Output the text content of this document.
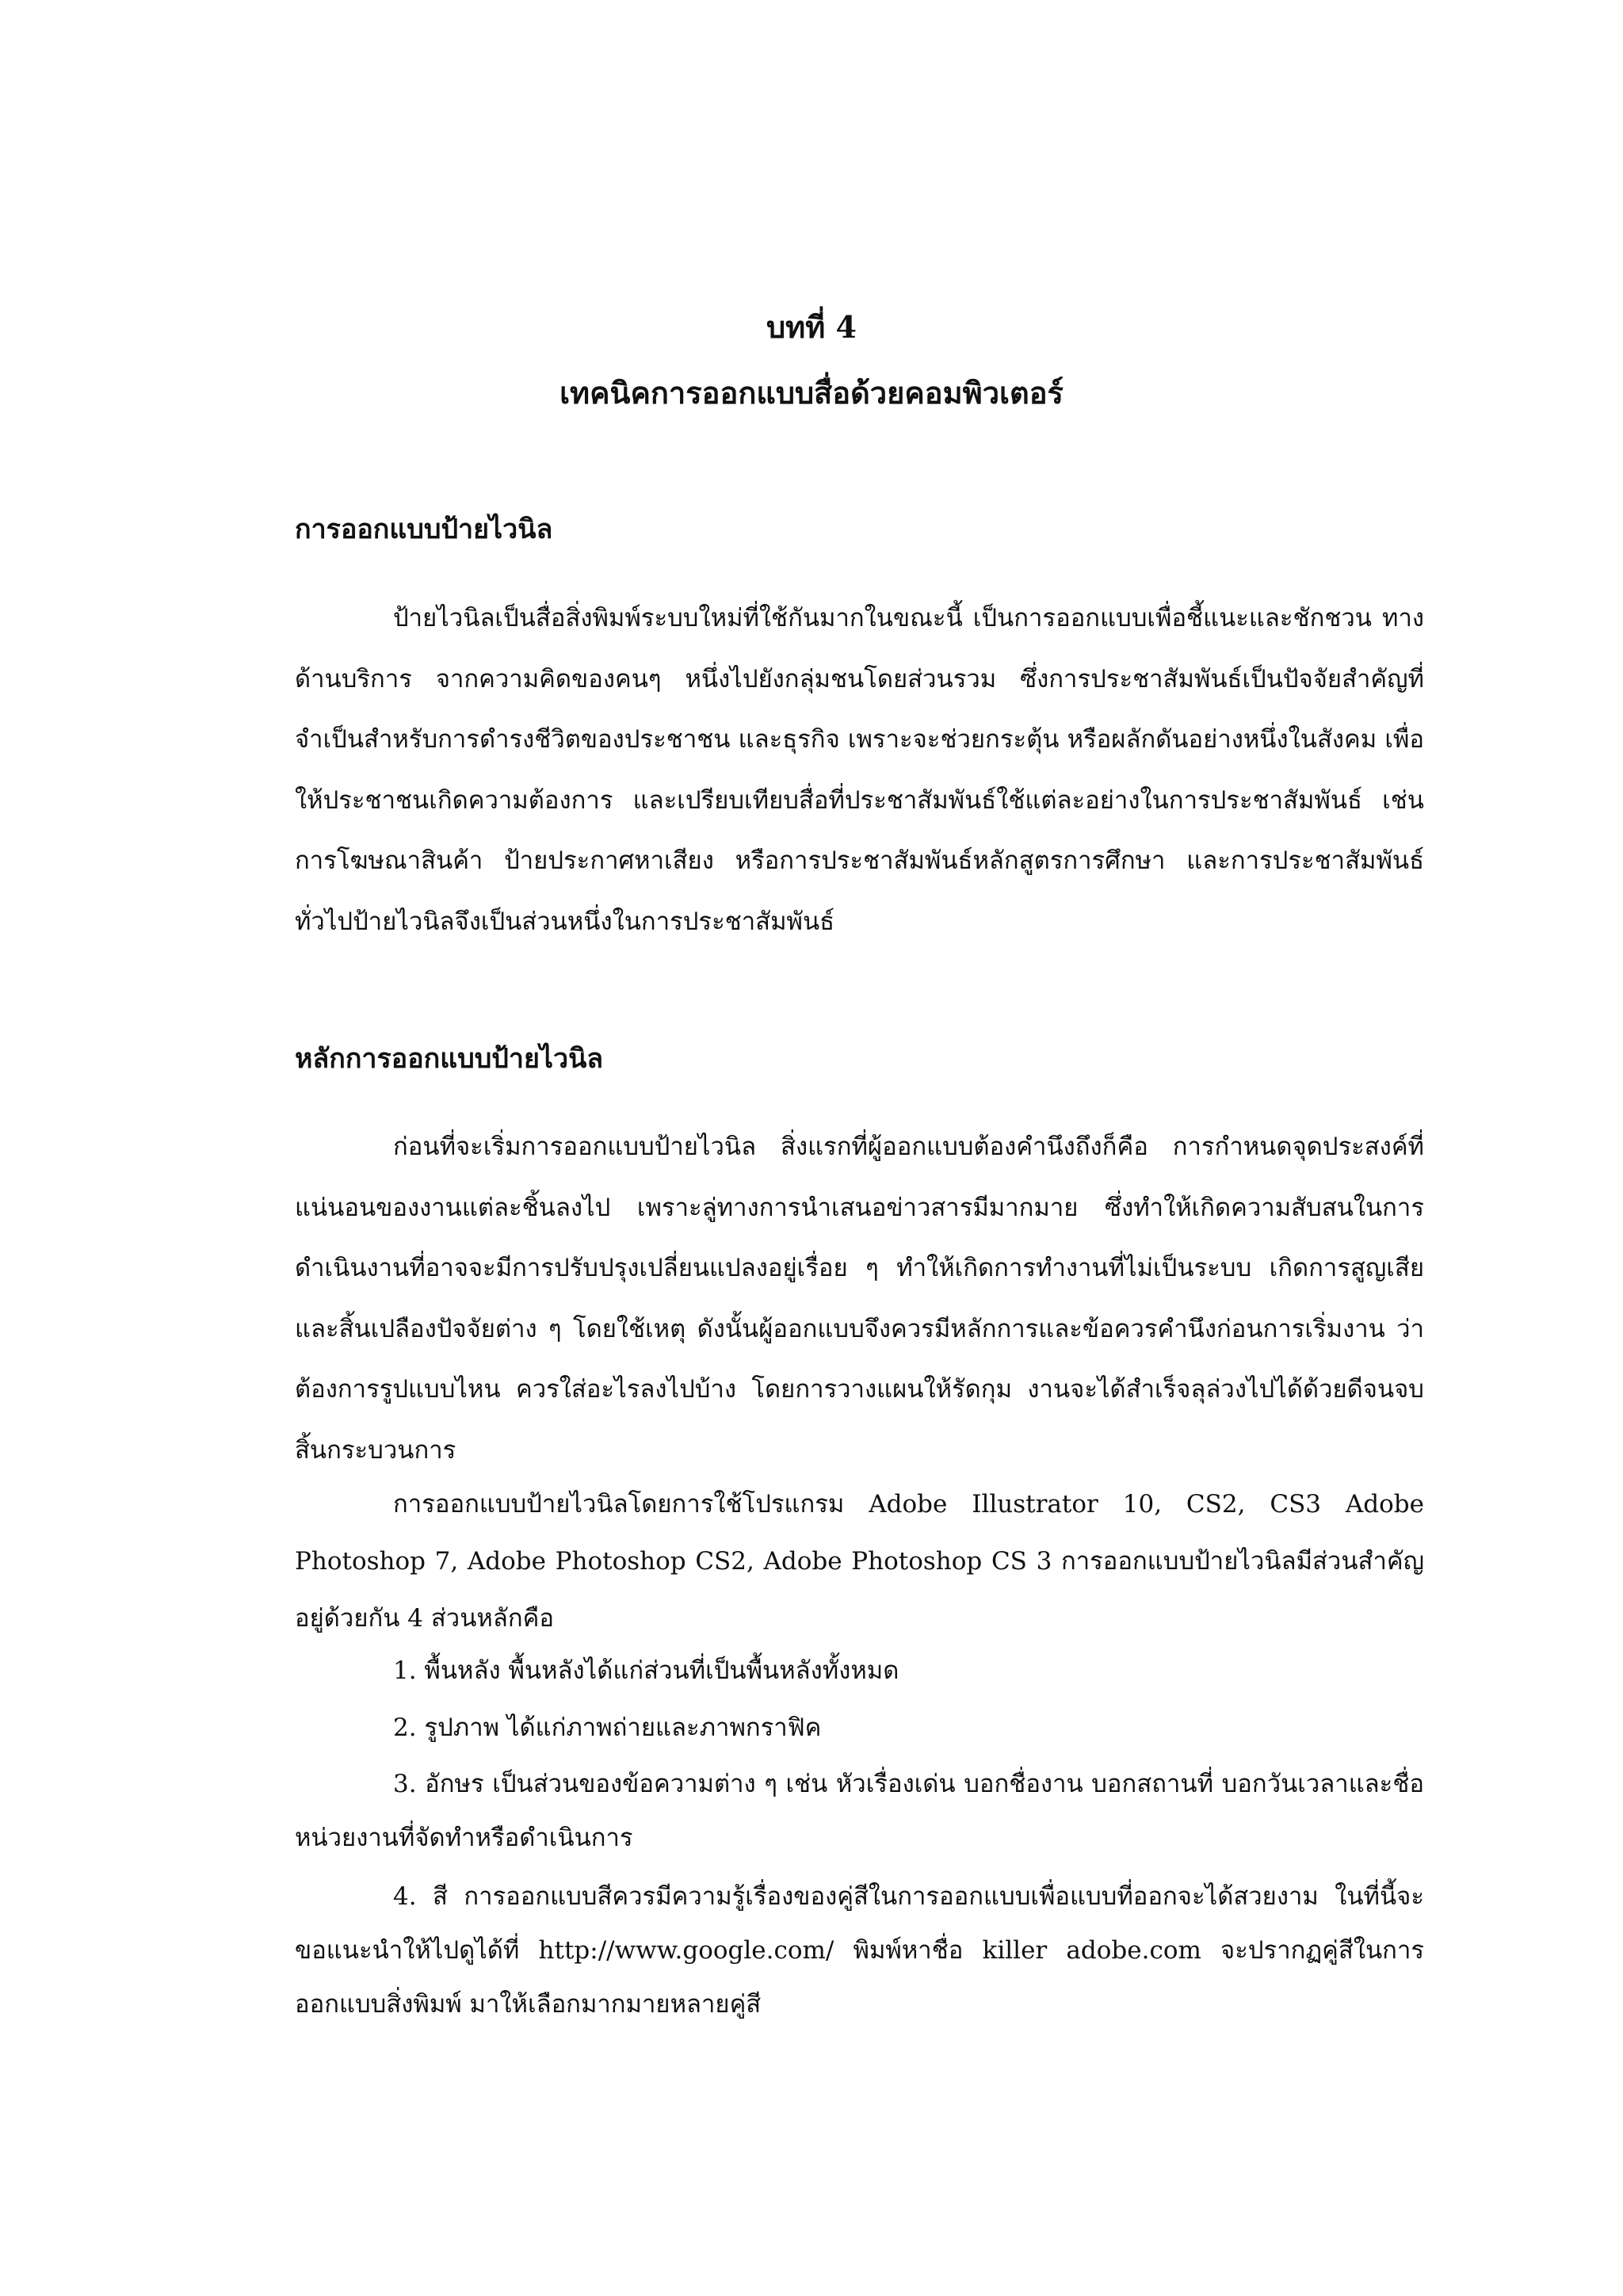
บทที่ 4
เทคนิคการออกแบบสื่อด้วยคอมพิวเตอร์
การออกแบบป้ายไวนิล

ป้ายไวนิลเป็นสื่อสิ่งพิมพ์ระบบใหม่ที่ใช้กันมากในขณะนี้ เป็นการออกแบบเพื่อชี้แนะและชักชวน ทางด้านบริการ จากความคิดของคนๆ หนึ่งไปยังกลุ่มชนโดยส่วนรวม ซึ่งการประชาสัมพันธ์เป็นปัจจัยสำคัญที่จำเป็นสำหรับการดำรงชีวิตของประชาชน และธุรกิจ เพราะจะช่วยกระตุ้น หรือผลักดันอย่างหนึ่งในสังคม เพื่อให้ประชาชนเกิดความต้องการ และเปรียบเทียบสื่อที่ประชาสัมพันธ์ใช้แต่ละอย่างในการประชาสัมพันธ์ เช่น การโฆษณาสินค้า ป้ายประกาศหาเสียง หรือการประชาสัมพันธ์หลักสูตรการศึกษา และการประชาสัมพันธ์ทั่วไปป้ายไวนิลจึงเป็นส่วนหนึ่งในการประชาสัมพันธ์

หลักการออกแบบป้ายไวนิล

ก่อนที่จะเริ่มการออกแบบป้ายไวนิล สิ่งแรกที่ผู้ออกแบบต้องคำนึงถึงก็คือ การกำหนดจุดประสงค์ที่แน่นอนของงานแต่ละชิ้นลงไป เพราะลู่ทางการนำเสนอข่าวสารมีมากมาย ซึ่งทำให้เกิดความสับสนในการดำเนินงานที่อาจจะมีการปรับปรุงเปลี่ยนแปลงอยู่เรื่อย ๆ ทำให้เกิดการทำงานที่ไม่เป็นระบบ เกิดการสูญเสียและสิ้นเปลืองปัจจัยต่าง ๆ โดยใช้เหตุ ดังนั้นผู้ออกแบบจึงควรมีหลักการและข้อควรคำนึงก่อนการเริ่มงาน ว่าต้องการรูปแบบไหน ควรใส่อะไรลงไปบ้าง โดยการวางแผนให้รัดกุม งานจะได้สำเร็จลุล่วงไปได้ด้วยดีจนจบสิ้นกระบวนการ

การออกแบบป้ายไวนิลโดยการใช้โปรแกรม Adobe Illustrator 10, CS2, CS3 Adobe Photoshop 7, Adobe Photoshop CS2, Adobe Photoshop CS 3 การออกแบบป้ายไวนิลมีส่วนสำคัญอยู่ด้วยกัน 4 ส่วนหลักคือ

1. พื้นหลัง พื้นหลังได้แก่ส่วนที่เป็นพื้นหลังทั้งหมด
2. รูปภาพ ได้แก่ภาพถ่ายและภาพกราฟิค
3. อักษร เป็นส่วนของข้อความต่าง ๆ เช่น หัวเรื่องเด่น บอกชื่องาน บอกสถานที่ บอกวันเวลาและชื่อหน่วยงานที่จัดทำหรือดำเนินการ
4. สี การออกแบบสีควรมีความรู้เรื่องของคู่สีในการออกแบบเพื่อแบบที่ออกจะได้สวยงาม ในที่นี้จะขอแนะนำให้ไปดูได้ที่ http://www.google.com/ พิมพ์หาชื่อ killer adobe.com จะปรากฏคู่สีในการออกแบบสิ่งพิมพ์ มาให้เลือกมากมายหลายคู่สี
